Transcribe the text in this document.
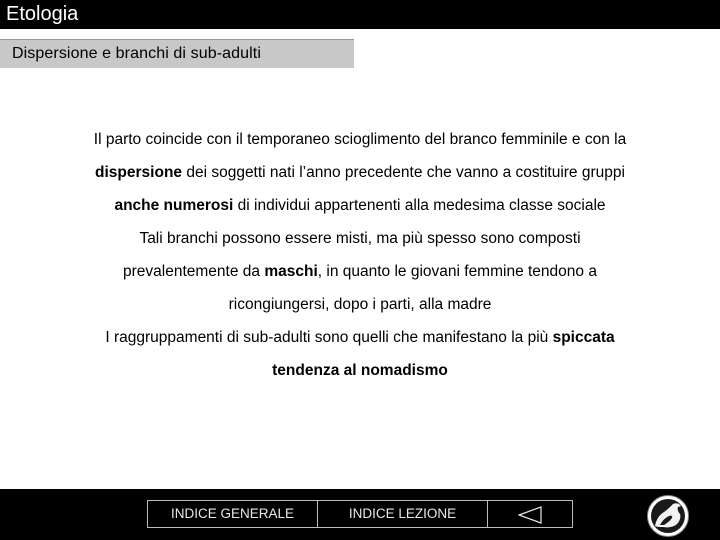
Etologia
Dispersione e branchi di sub-adulti

Il parto coincide con il temporaneo scioglimento del branco femminile e con la
dispersione dei soggetti nati l’anno precedente che vanno a costituire gruppi
anche numerosi di individui appartenenti alla medesima classe sociale

Tali branchi possono essere misti, ma più spesso sono composti
prevalentemente da maschi, in quanto le giovani femmine tendono a
ricongiungersi, dopo i parti, alla madre

I raggruppamenti di sub-adulti sono quelli che manifestano la più spiccata
tendenza al nomadismo

INDICE GENERALE	INDICE LEZIONE
